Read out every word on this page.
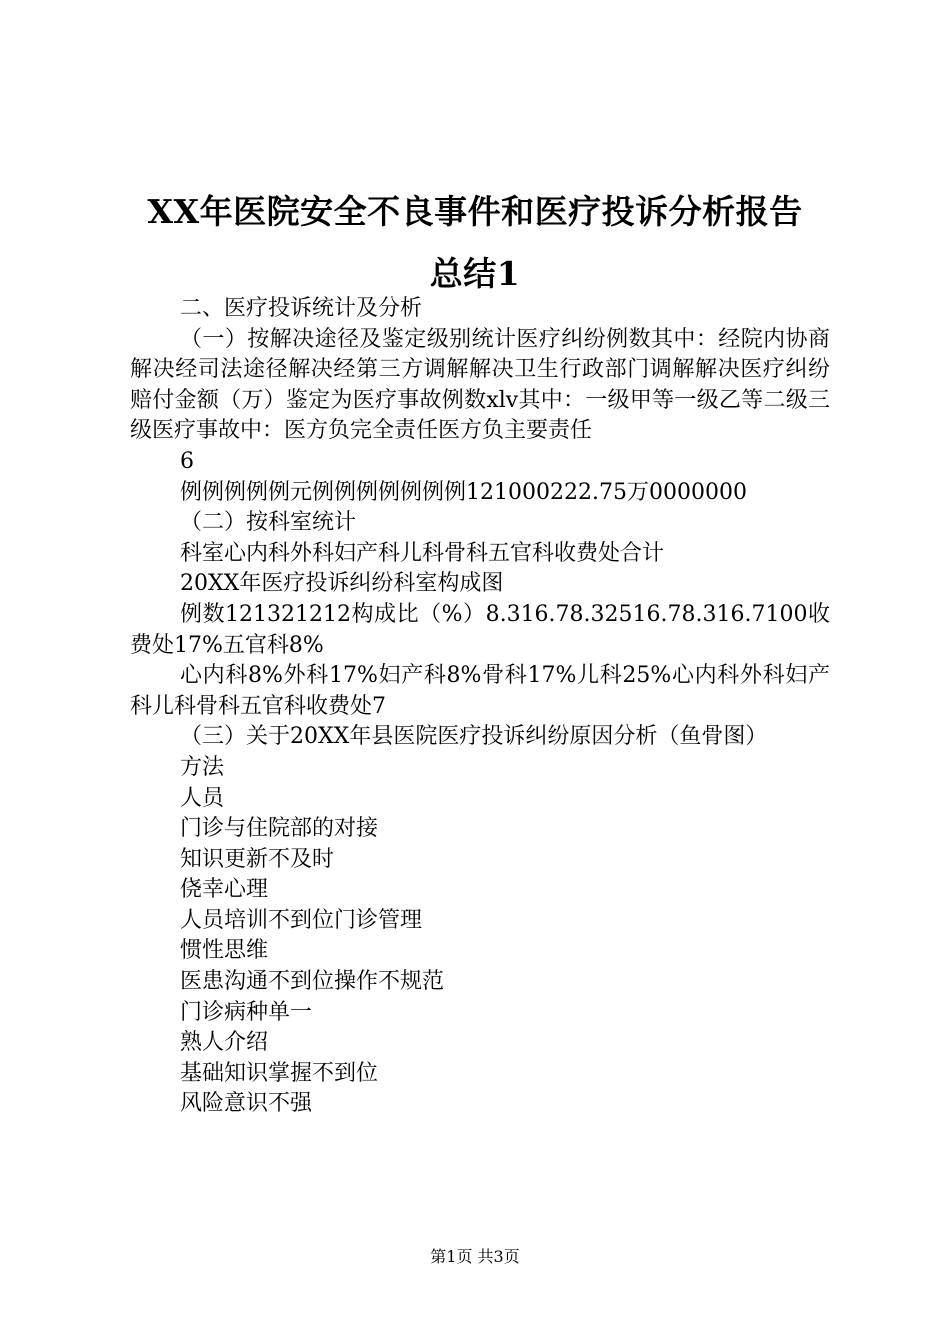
XX年医院安全不良事件和医疗投诉分析报告
总结1

二、医疗投诉统计及分析

（一）按解决途径及鉴定级别统计医疗纠纷例数其中：经院内协商解决经司法途径解决经第三方调解解决卫生行政部门调解解决医疗纠纷赔付金额（万）鉴定为医疗事故例数xlv其中：一级甲等一级乙等二级三级医疗事故中：医方负完全责任医方负主要责任

6

例例例例例元例例例例例例例121000222.75万0000000

（二）按科室统计

科室心内科外科妇产科儿科骨科五官科收费处合计

20XX年医疗投诉纠纷科室构成图

例数121321212构成比（%）8.316.78.32516.78.316.7100收费处17%五官科8%

心内科8%外科17%妇产科8%骨科17%儿科25%心内科外科妇产科儿科骨科五官科收费处7

（三）关于20XX年县医院医疗投诉纠纷原因分析（鱼骨图）

方法

人员

门诊与住院部的对接

知识更新不及时

侥幸心理

人员培训不到位门诊管理

惯性思维

医患沟通不到位操作不规范

门诊病种单一

熟人介绍

基础知识掌握不到位

风险意识不强

第1页 共3页
